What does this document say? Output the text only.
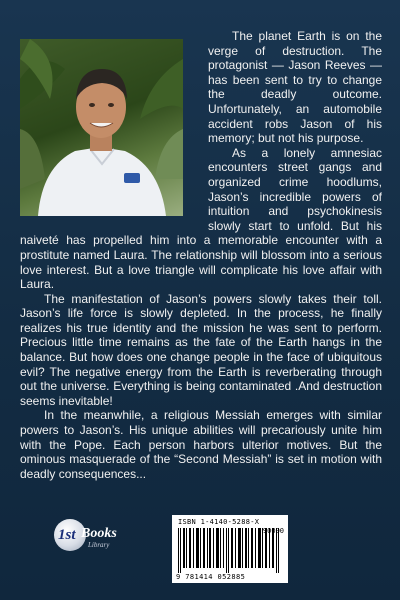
The planet Earth is on the verge of destruction. The protagonist — Jason Reeves — has been sent to try to change the deadly outcome. Unfortunately, an automobile accident robs Jason of his memory; but not his purpose.

As a lonely amnesiac encounters street gangs and organized crime hoodlums, Jason’s incredible powers of intuition and psychokinesis slowly start to unfold. But his naiveté has propelled him into a memorable encounter with a prostitute named Laura. The relationship will blossom into a serious love interest. But a love triangle will complicate his love affair with Laura.

The manifestation of Jason’s powers slowly takes their toll. Jason’s life force is slowly depleted. In the process, he finally realizes his true identity and the mission he was sent to perform. Precious little time remains as the fate of the Earth hangs in the balance. But how does one change people in the face of ubiquitous evil? The negative energy from the Earth is reverberating through out the universe. Everything is being contaminated .And destruction seems inevitable!

In the meanwhile, a religious Messiah emerges with similar powers to Jason’s. His unique abilities will precariously unite him with the Pope. Each person harbors ulterior motives. But the ominous masquerade of the “Second Messiah” is set in motion with deadly consequences...

1st Books
Library
ISBN 1-4140-5288-X
90000
9 781414 052885
